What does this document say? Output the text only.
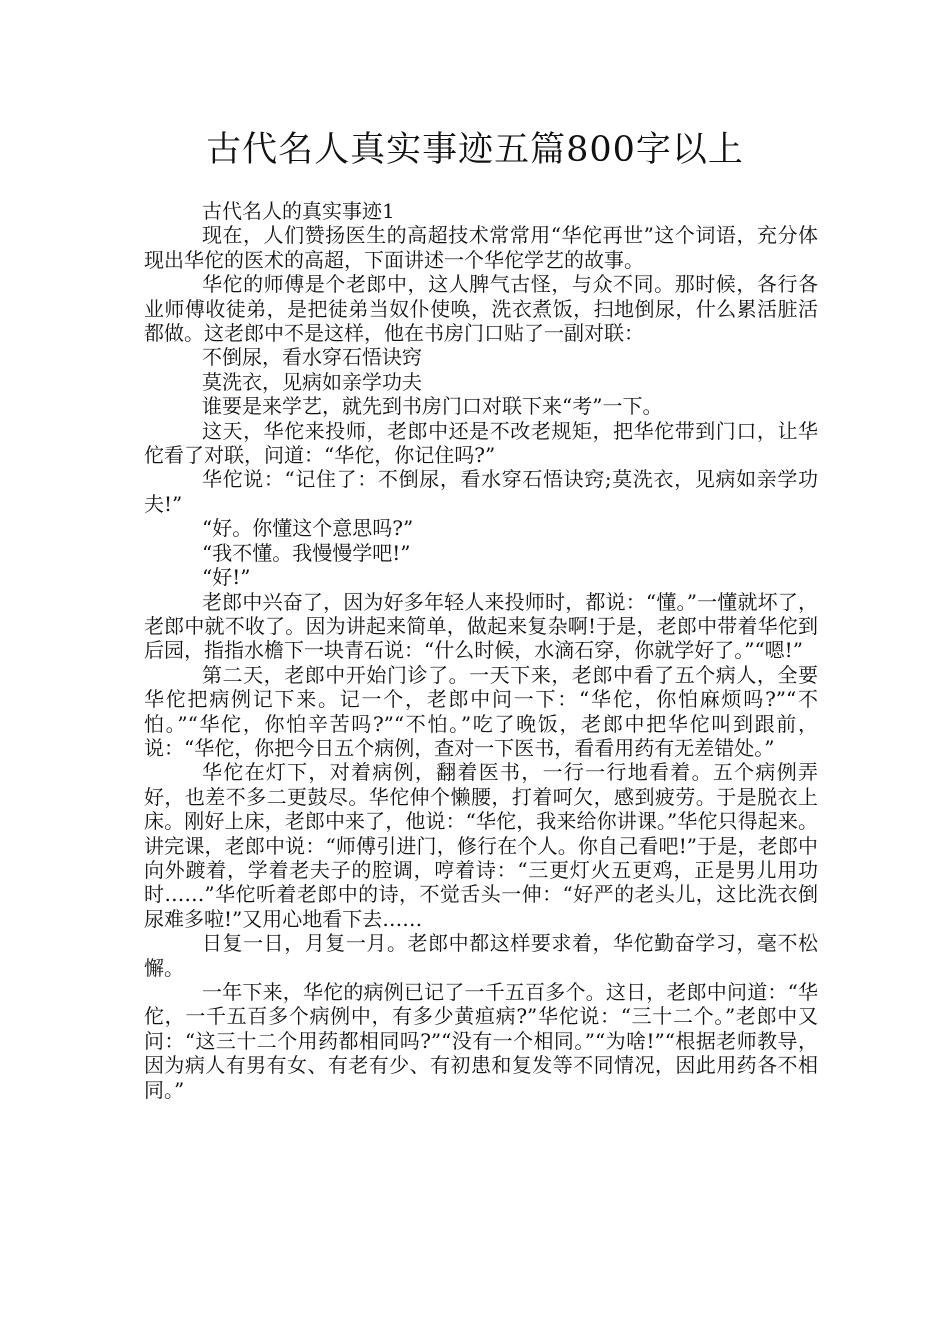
古代名人真实事迹五篇800字以上

古代名人的真实事迹1

现在，人们赞扬医生的高超技术常常用“华佗再世”这个词语，充分体现出华佗的医术的高超，下面讲述一个华佗学艺的故事。

华佗的师傅是个老郎中，这人脾气古怪，与众不同。那时候，各行各业师傅收徒弟，是把徒弟当奴仆使唤，洗衣煮饭，扫地倒尿，什么累活脏活都做。这老郎中不是这样，他在书房门口贴了一副对联：

不倒尿，看水穿石悟诀窍

莫洗衣，见病如亲学功夫

谁要是来学艺，就先到书房门口对联下来“考”一下。

这天，华佗来投师，老郎中还是不改老规矩，把华佗带到门口，让华佗看了对联，问道：“华佗，你记住吗?”

华佗说：“记住了：不倒尿，看水穿石悟诀窍;莫洗衣，见病如亲学功夫!”

“好。你懂这个意思吗?”

“我不懂。我慢慢学吧!”

“好!”

老郎中兴奋了，因为好多年轻人来投师时，都说：“懂。”一懂就坏了，老郎中就不收了。因为讲起来简单，做起来复杂啊!于是，老郎中带着华佗到后园，指指水檐下一块青石说：“什么时候，水滴石穿，你就学好了。”“嗯!”

第二天，老郎中开始门诊了。一天下来，老郎中看了五个病人，全要华佗把病例记下来。记一个，老郎中问一下：“华佗，你怕麻烦吗?”“不怕。”“华佗，你怕辛苦吗?”“不怕。”吃了晚饭，老郎中把华佗叫到跟前，说：“华佗，你把今日五个病例，查对一下医书，看看用药有无差错处。”

华佗在灯下，对着病例，翻着医书，一行一行地看着。五个病例弄好，也差不多二更鼓尽。华佗伸个懒腰，打着呵欠，感到疲劳。于是脱衣上床。刚好上床，老郎中来了，他说：“华佗，我来给你讲课。”华佗只得起来。讲完课，老郎中说：“师傅引进门，修行在个人。你自己看吧!”于是，老郎中向外踱着，学着老夫子的腔调，哼着诗：“三更灯火五更鸡，正是男儿用功时……”华佗听着老郎中的诗，不觉舌头一伸：“好严的老头儿，这比洗衣倒尿难多啦!”又用心地看下去……

日复一日，月复一月。老郎中都这样要求着，华佗勤奋学习，毫不松懈。

一年下来，华佗的病例已记了一千五百多个。这日，老郎中问道：“华佗，一千五百多个病例中，有多少黄疸病?”华佗说：“三十二个。”老郎中又问：“这三十二个用药都相同吗?”“没有一个相同。”“为啥!”“根据老师教导，因为病人有男有女、有老有少、有初患和复发等不同情况，因此用药各不相同。”
